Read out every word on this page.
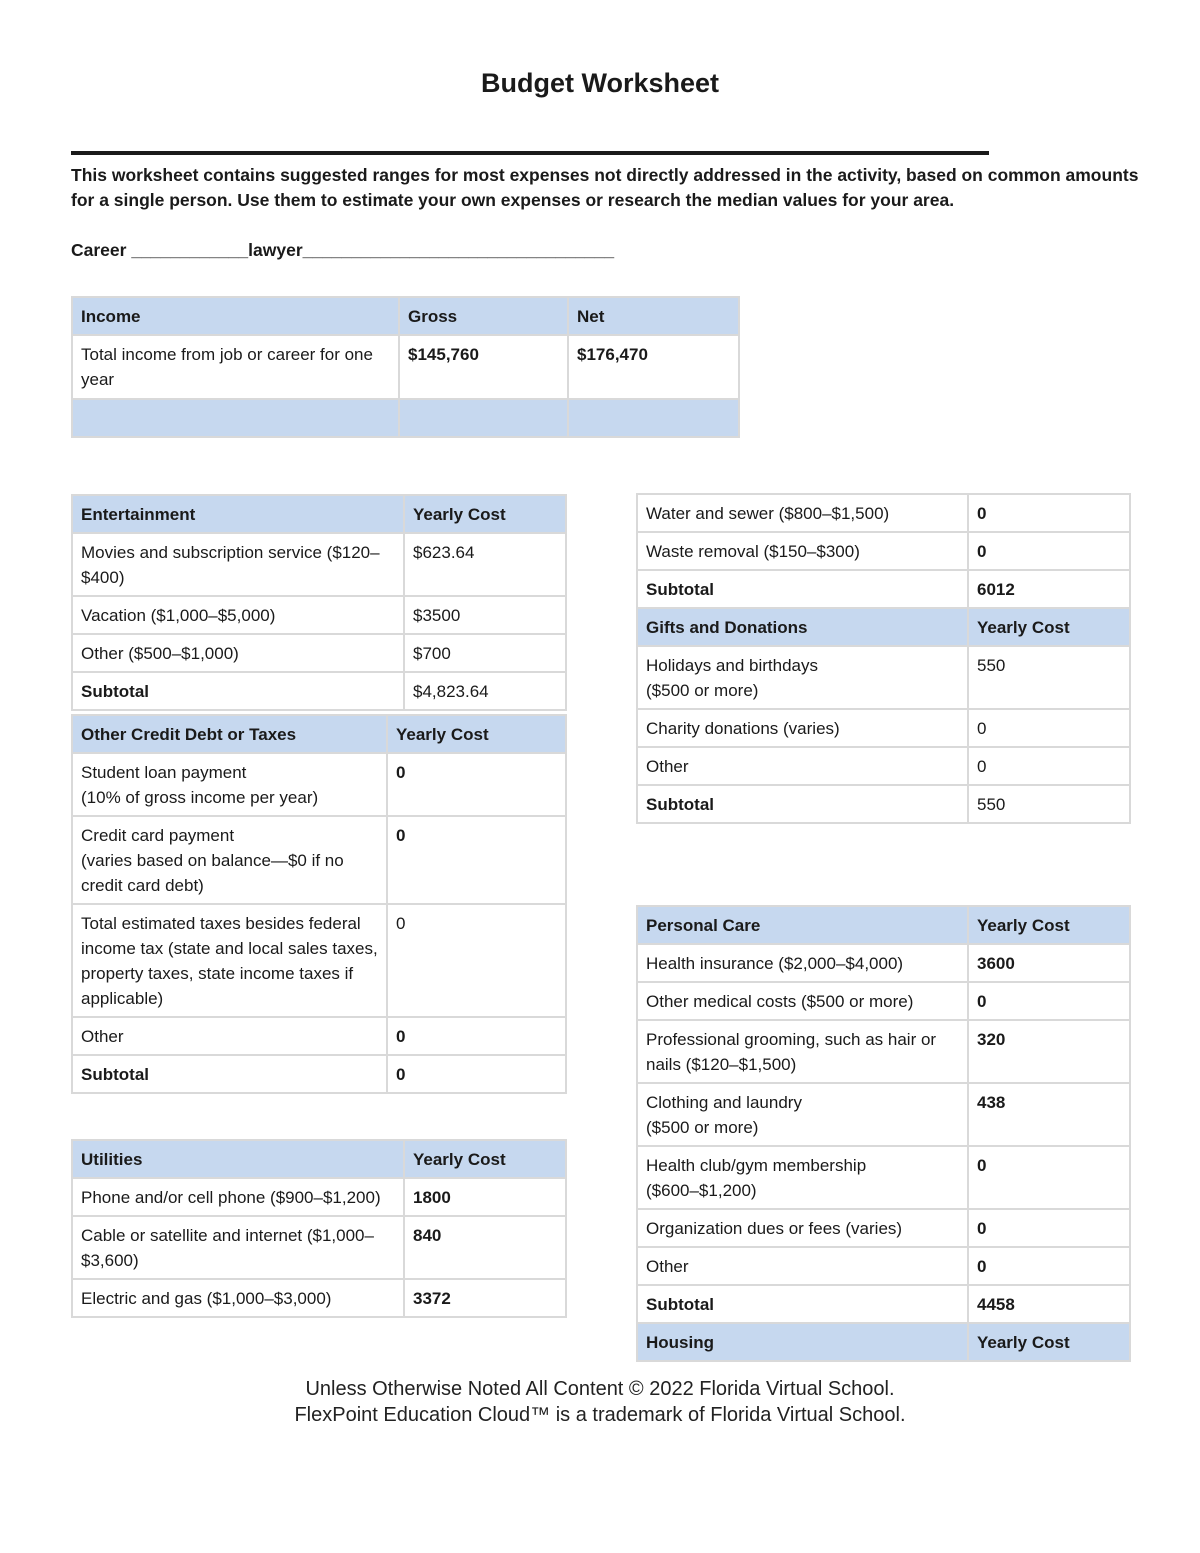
Budget Worksheet
This worksheet contains suggested ranges for most expenses not directly addressed in the activity, based on common amounts for a single person. Use them to estimate your own expenses or research the median values for your area.
Career ____________lawyer________________________________
Income	Gross	Net
Total income from job or career for one year	$145,760	$176,470

Entertainment	Yearly Cost
Movies and subscription service ($120–$400)	$623.64
Vacation ($1,000–$5,000)	$3500
Other ($500–$1,000)	$700
Subtotal	$4,823.64
Other Credit Debt or Taxes	Yearly Cost
Student loan payment
(10% of gross income per year)	0
Credit card payment
(varies based on balance—$0 if no credit card debt)	0
Total estimated taxes besides federal income tax (state and local sales taxes, property taxes, state income taxes if applicable)	0
Other	0
Subtotal	0
Utilities	Yearly Cost
Phone and/or cell phone ($900–$1,200)	1800
Cable or satellite and internet ($1,000–$3,600)	840
Electric and gas ($1,000–$3,000)	3372
Water and sewer ($800–$1,500)	0
Waste removal ($150–$300)	0
Subtotal	6012
Gifts and Donations	Yearly Cost
Holidays and birthdays
($500 or more)	550
Charity donations (varies)	0
Other	0
Subtotal	550
Personal Care	Yearly Cost
Health insurance ($2,000–$4,000)	3600
Other medical costs ($500 or more)	0
Professional grooming, such as hair or nails ($120–$1,500)	320
Clothing and laundry
($500 or more)	438
Health club/gym membership
($600–$1,200)	0
Organization dues or fees (varies)	0
Other	0
Subtotal	4458
Housing	Yearly Cost
Unless Otherwise Noted All Content © 2022 Florida Virtual School.
FlexPoint Education Cloud™ is a trademark of Florida Virtual School.
